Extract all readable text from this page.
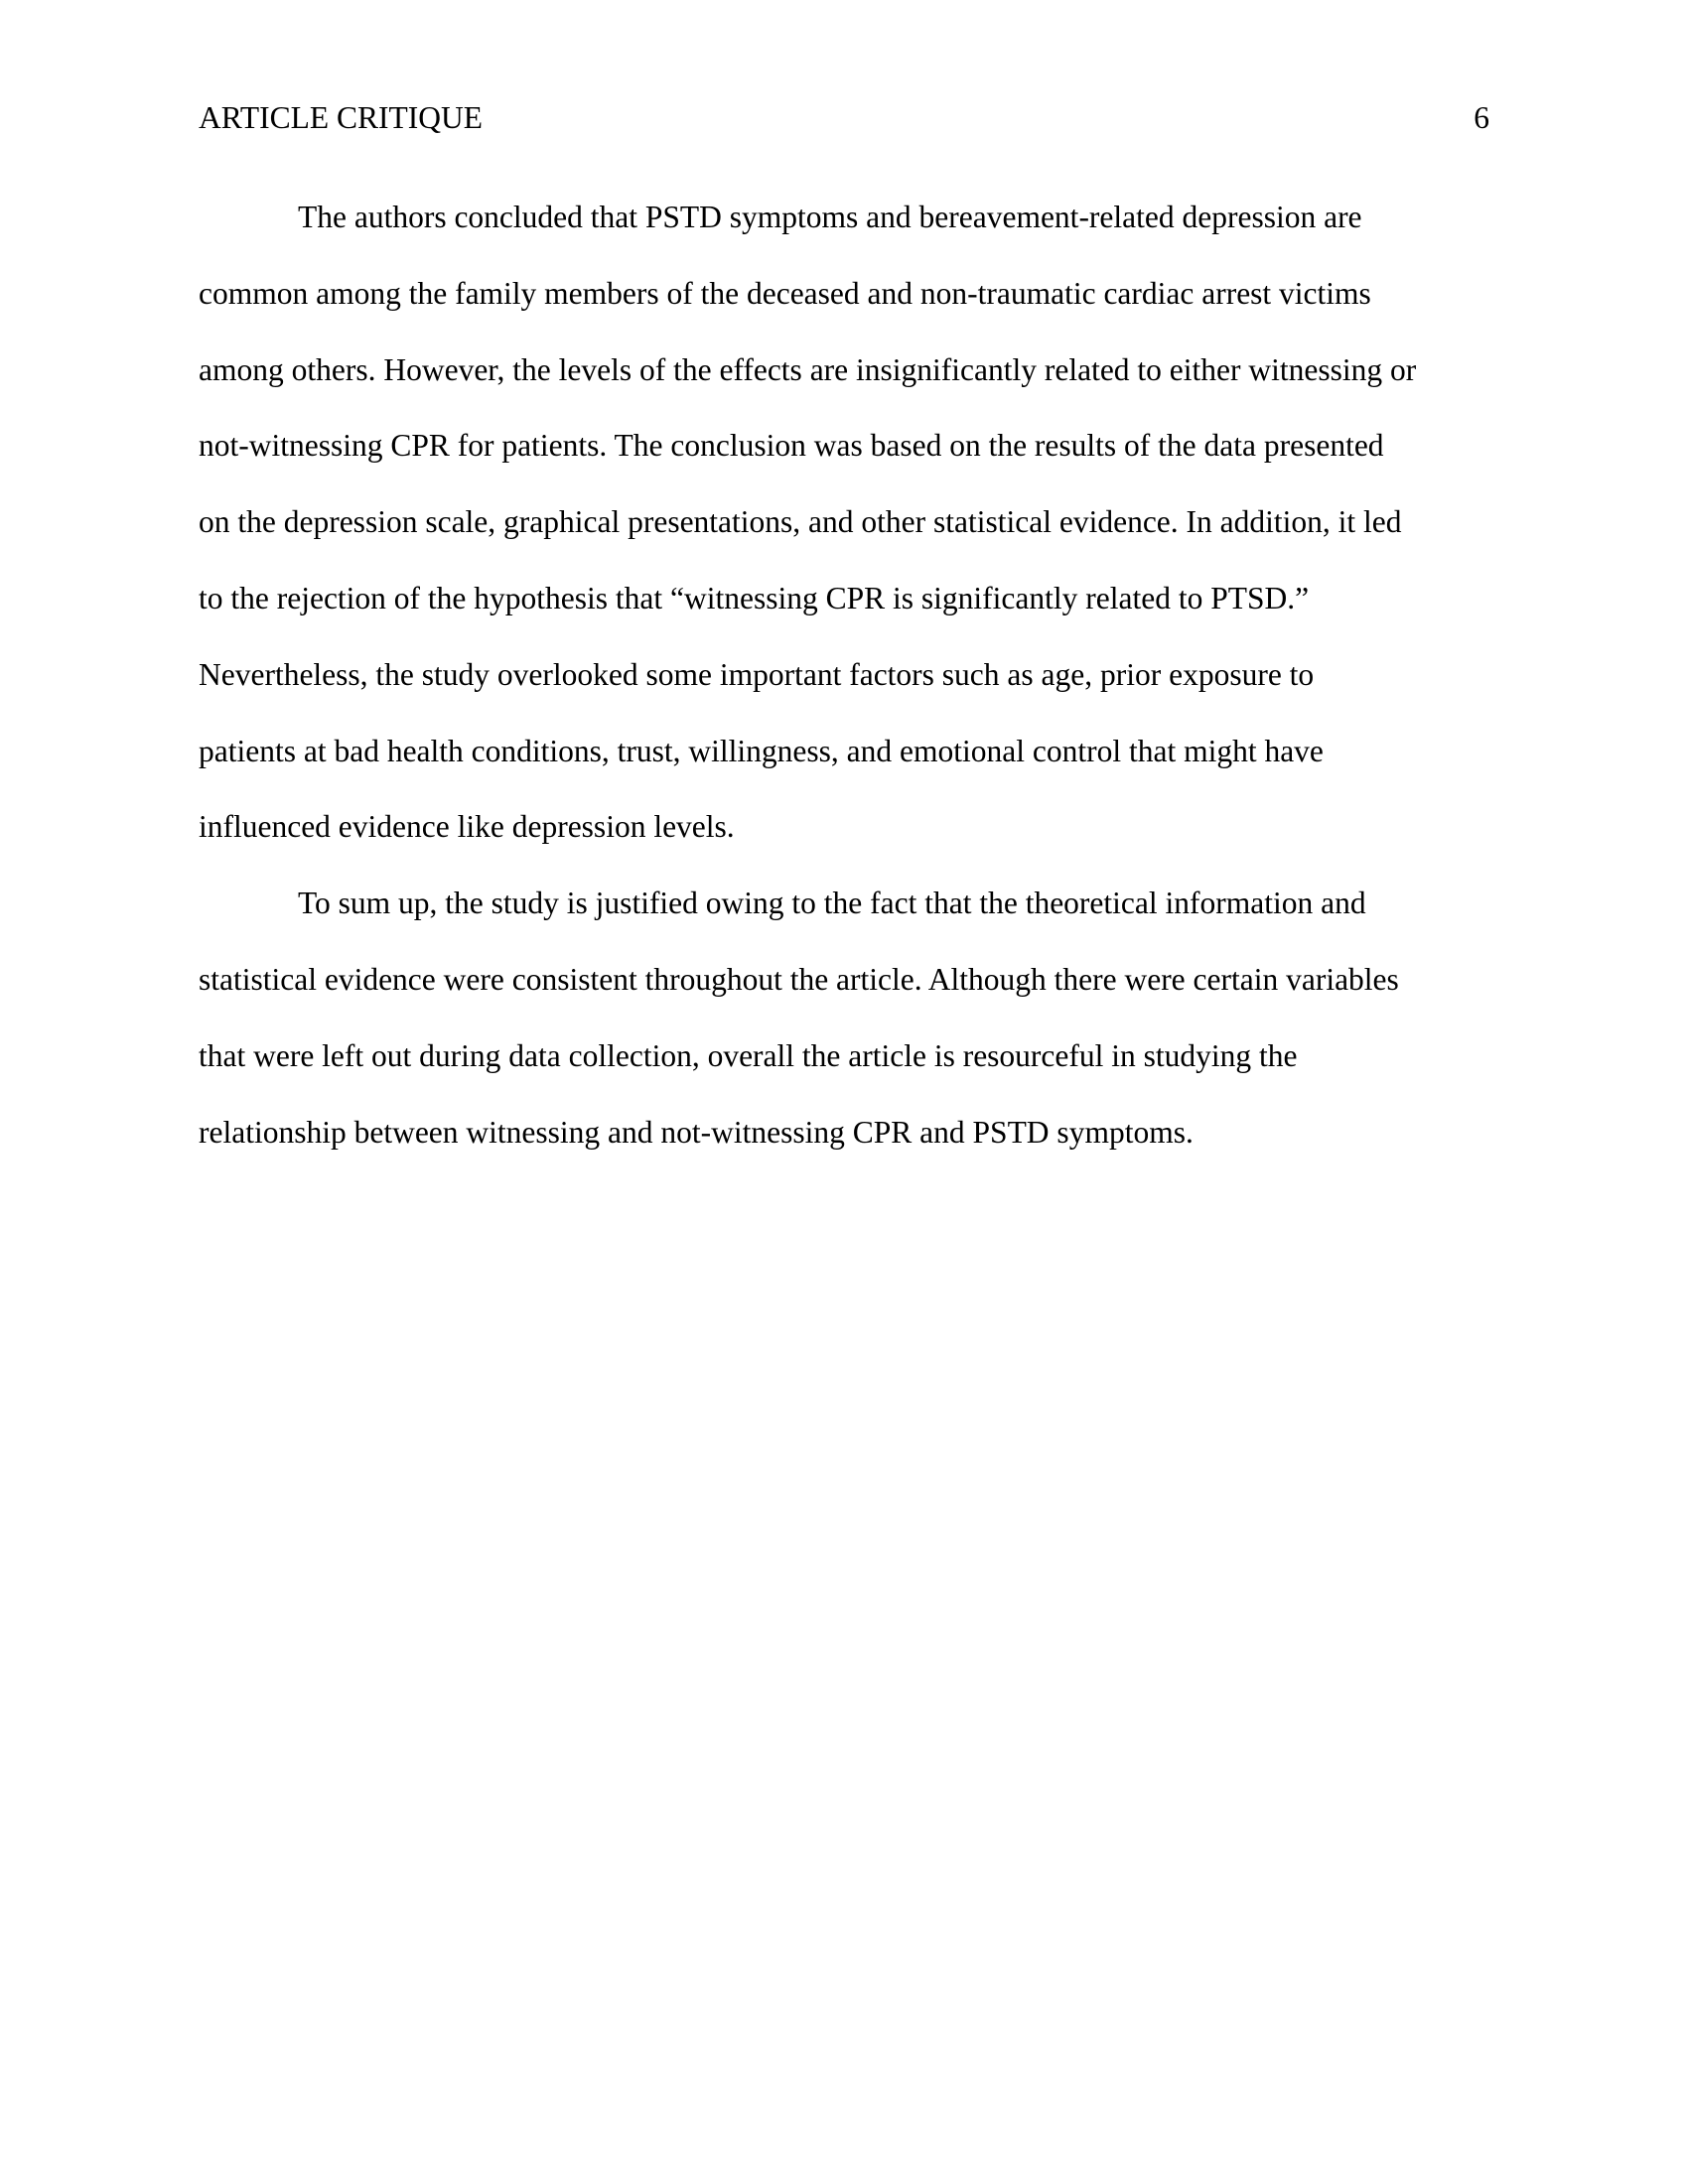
ARTICLE CRITIQUE	6
The authors concluded that PSTD symptoms and bereavement-related depression are
common among the family members of the deceased and non-traumatic cardiac arrest victims
among others. However, the levels of the effects are insignificantly related to either witnessing or
not-witnessing CPR for patients. The conclusion was based on the results of the data presented
on the depression scale, graphical presentations, and other statistical evidence. In addition, it led
to the rejection of the hypothesis that “witnessing CPR is significantly related to PTSD.”
Nevertheless, the study overlooked some important factors such as age, prior exposure to
patients at bad health conditions, trust, willingness, and emotional control that might have
influenced evidence like depression levels.
To sum up, the study is justified owing to the fact that the theoretical information and
statistical evidence were consistent throughout the article. Although there were certain variables
that were left out during data collection, overall the article is resourceful in studying the
relationship between witnessing and not-witnessing CPR and PSTD symptoms.
